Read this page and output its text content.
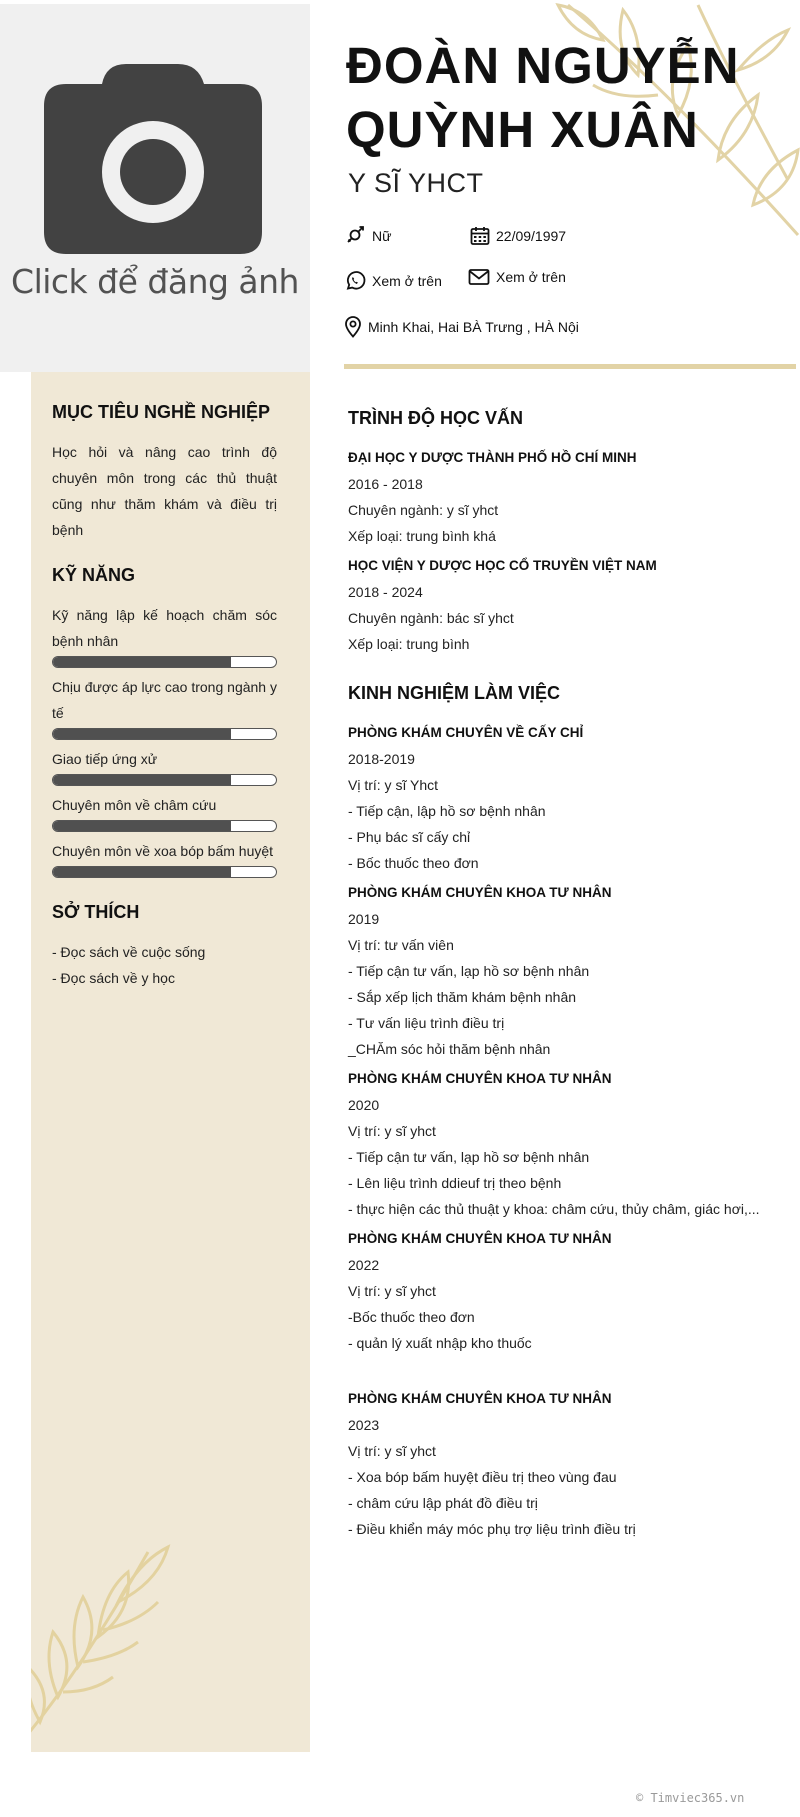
Click để đăng ảnh
MỤC TIÊU NGHỀ NGHIỆP
Học hỏi và nâng cao trình độ chuyên môn trong các thủ thuật cũng như thăm khám và điều trị bệnh
KỸ NĂNG
Kỹ năng lập kế hoạch chăm sóc bệnh nhân
Chịu được áp lực cao trong ngành y tế
Giao tiếp ứng xử
Chuyên môn về châm cứu
Chuyên môn về xoa bóp bấm huyệt
SỞ THÍCH
- Đọc sách về cuộc sống
- Đọc sách về y học
ĐOÀN NGUYỄN QUỲNH XUÂN
Y SĨ YHCT
Nữ	22/09/1997
Xem ở trên	Xem ở trên
Minh Khai, Hai BÀ Trưng , HÀ Nội
TRÌNH ĐỘ HỌC VẤN
ĐẠI HỌC Y DƯỢC THÀNH PHỐ HỒ CHÍ MINH
2016 - 2018
Chuyên ngành: y sĩ yhct
Xếp loại: trung bình khá
HỌC VIỆN Y DƯỢC HỌC CỔ TRUYỀN VIỆT NAM
2018 - 2024
Chuyên ngành: bác sĩ yhct
Xếp loại: trung bình
KINH NGHIỆM LÀM VIỆC
PHÒNG KHÁM CHUYÊN VỀ CẤY CHỈ
2018-2019
Vị trí: y sĩ Yhct
- Tiếp cận, lập hồ sơ bệnh nhân
- Phụ bác sĩ cấy chỉ
- Bốc thuốc theo đơn
PHÒNG KHÁM CHUYÊN KHOA TƯ NHÂN
2019
Vị trí: tư vấn viên
- Tiếp cận tư vấn, lạp hồ sơ bệnh nhân
- Sắp xếp lịch thăm khám bệnh nhân
- Tư vấn liệu trình điều trị
_CHĂm sóc hỏi thăm bệnh nhân
PHÒNG KHÁM CHUYÊN KHOA TƯ NHÂN
2020
Vị trí: y sĩ yhct
- Tiếp cận tư vấn, lạp hồ sơ bệnh nhân
- Lên liệu trình ddieuf trị theo bệnh
- thực hiện các thủ thuật y khoa: châm cứu, thủy châm, giác hơi,...
PHÒNG KHÁM CHUYÊN KHOA TƯ NHÂN
2022
Vị trí: y sĩ yhct
-Bốc thuốc theo đơn
- quản lý xuất nhập kho thuốc
PHÒNG KHÁM CHUYÊN KHOA TƯ NHÂN
2023
Vị trí: y sĩ yhct
- Xoa bóp bấm huyệt điều trị theo vùng đau
- châm cứu lập phát đồ điều trị
- Điều khiển máy móc phụ trợ liệu trình điều trị
© Timviec365.vn
